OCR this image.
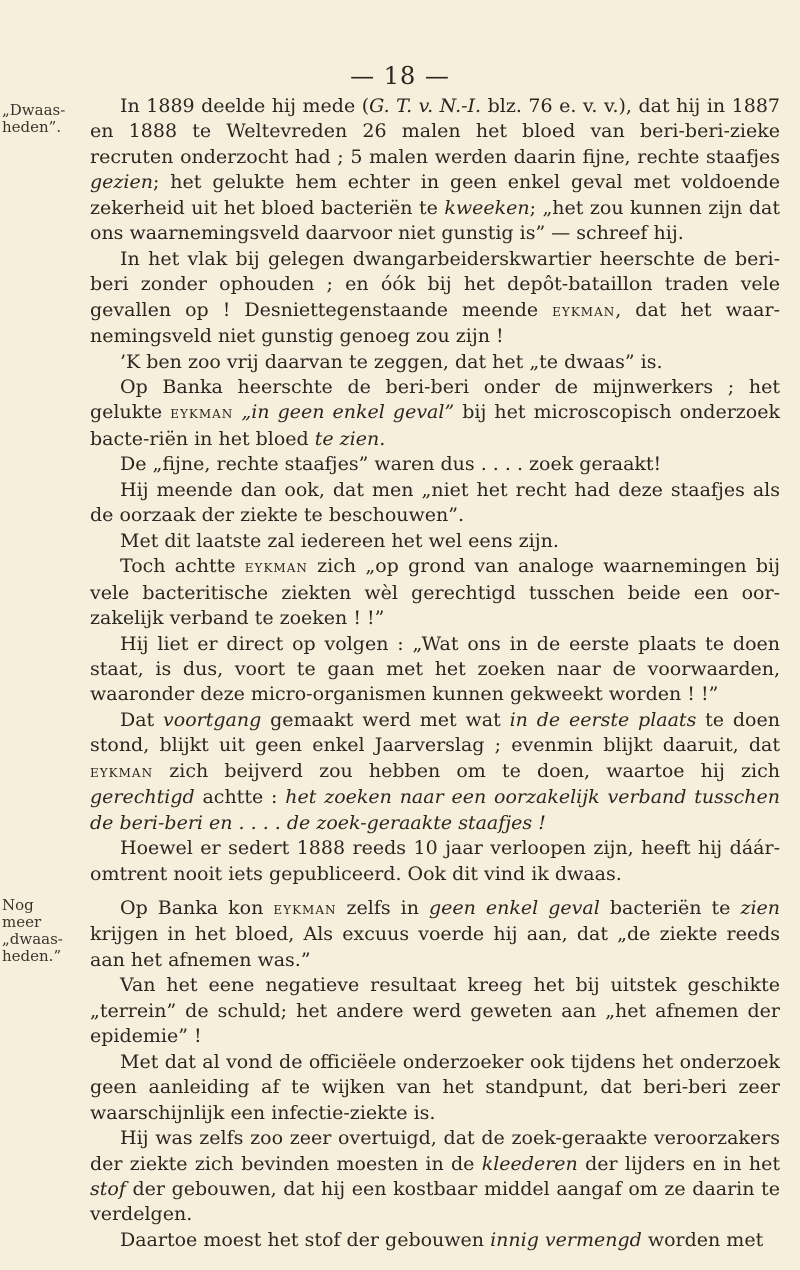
— 18 —
„Dwaas-heden”.
Nog meer „dwaas-heden.”

In 1889 deelde hij mede (G. T. v. N.-I. blz. 76 e. v. v.), dat hij in 1887 en 1888 te Weltevreden 26 malen het bloed van beri-beri-zieke recruten onderzocht had ; 5 malen werden daarin fijne, rechte staafjes gezien; het gelukte hem echter in geen enkel geval met voldoende zekerheid uit het bloed bacteriën te kweeken; „het zou kunnen zijn dat ons waarnemingsveld daarvoor niet gunstig is” — schreef hij.

In het vlak bij gelegen dwangarbeiderskwartier heerschte de beri-beri zonder ophouden ; en óók bij het depôt-bataillon traden vele gevallen op ! Desniettegenstaande meende eykman, dat het waar-nemingsveld niet gunstig genoeg zou zijn !

’K ben zoo vrij daarvan te zeggen, dat het „te dwaas” is.

Op Banka heerschte de beri-beri onder de mijnwerkers ; het gelukte eykman „in geen enkel geval” bij het microscopisch onderzoek bacte-riën in het bloed te zien.

De „fijne, rechte staafjes” waren dus . . . . zoek geraakt!

Hij meende dan ook, dat men „niet het recht had deze staafjes als de oorzaak der ziekte te beschouwen”.

Met dit laatste zal iedereen het wel eens zijn.

Toch achtte eykman zich „op grond van analoge waarnemingen bij vele bacteritische ziekten wèl gerechtigd tusschen beide een oor-zakelijk verband te zoeken ! !”

Hij liet er direct op volgen : „Wat ons in de eerste plaats te doen staat, is dus, voort te gaan met het zoeken naar de voorwaarden, waaronder deze micro-organismen kunnen gekweekt worden ! !”

Dat voortgang gemaakt werd met wat in de eerste plaats te doen stond, blijkt uit geen enkel Jaarverslag ; evenmin blijkt daaruit, dat eykman zich beijverd zou hebben om te doen, waartoe hij zich gerechtigd achtte : het zoeken naar een oorzakelijk verband tusschen de beri-beri en . . . . de zoek-geraakte staafjes !

Hoewel er sedert 1888 reeds 10 jaar verloopen zijn, heeft hij dáár-omtrent nooit iets gepubliceerd. Ook dit vind ik dwaas.

Op Banka kon eykman zelfs in geen enkel geval bacteriën te zien krijgen in het bloed, Als excuus voerde hij aan, dat „de ziekte reeds aan het afnemen was.”

Van het eene negatieve resultaat kreeg het bij uitstek geschikte „terrein” de schuld; het andere werd geweten aan „het afnemen der epidemie” !

Met dat al vond de officiëele onderzoeker ook tijdens het onderzoek geen aanleiding af te wijken van het standpunt, dat beri-beri zeer waarschijnlijk een infectie-ziekte is.

Hij was zelfs zoo zeer overtuigd, dat de zoek-geraakte veroorzakers der ziekte zich bevinden moesten in de kleederen der lijders en in het stof der gebouwen, dat hij een kostbaar middel aangaf om ze daarin te verdelgen.

Daartoe moest het stof der gebouwen innig vermengd worden met
